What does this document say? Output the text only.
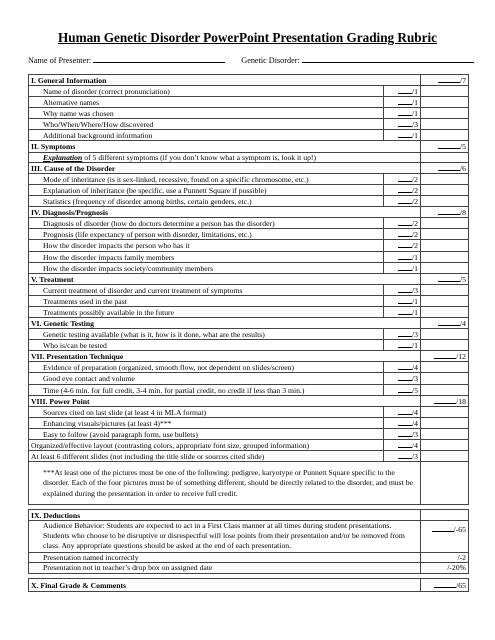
Human Genetic Disorder PowerPoint Presentation Grading Rubric
Name of Presenter:	Genetic Disorder:
I. General Information		/7
Name of disorder (correct pronunciation)	/1	
Alternative names	/1	
Why name was chosen	/1	
Who/When/Where/How discovered	/3	
Additional background information	/1	
II. Symptoms		/5
Explanation of 5 different symptoms (if you don’t know what a symptom is, look it up!)		
III. Cause of the Disorder		/6
Mode of inheritance (is it sex-linked, recessive, found on a specific chromosome, etc.)	/2	
Explanation of inheritance (be specific, use a Punnett Square if possible)	/2	
Statistics (frequency of disorder among births, certain genders, etc.)	/2	
IV. Diagnosis/Prognosis		/8
Diagnosis of disorder (how do doctors determine a person has the disorder)	/2	
Prognosis (life expectancy of person with disorder, limitations, etc.)	/2	
How the disorder impacts the person who has it	/2	
How the disorder impacts family members	/1	
How the disorder impacts society/community members	/1	
V. Treatment		/5
Current treatment of disorder and current treatment of symptoms	/3	
Treatments used in the past	/1	
Treatments possibly available in the future	/1	
VI. Genetic Testing		/4
Genetic testing available (what is it, how is it done, what are the results)	/3	
Who is/can be tested	/1	
VII. Presentation Technique		/12
Evidence of preparation (organized, smooth flow, not dependent on slides/screen)	/4	
Good eye contact and volume	/3	
Time (4-6 min. for full credit, 3-4 min. for partial credit, no credit if less than 3 min.)	/5	
VIII. Power Point		/18
Sources cited on last slide (at least 4 in MLA format)	/4	
Enhancing visuals/pictures (at least 4)***	/4	
Easy to follow (avoid paragraph form, use bullets)	/3	
Organized/effective layout (contrasting colors, appropriate font size, grouped information)	/4	
At least 6 different slides (not including the title slide or sources cited slide)	/3	
***At least one of the pictures must be one of the following: pedigree, karyotype or Punnett Square specific to the disorder. Each of the four pictures must be of something different, should be directly related to the disorder, and must be explained during the presentation in order to receive full credit.		

IX. Deductions		
Audience Behavior: Students are expected to act in a First Class manner at all times during student presentations. Students who choose to be disruptive or disrespectful will lose points from their presentation and/or be removed from class. Any appropriate questions should be asked at the end of each presentation.		/-65
Presentation named incorrectly		/-2
Presentation not in teacher’s drop box on assigned date		/-20%

X. Final Grade & Comments		/65
